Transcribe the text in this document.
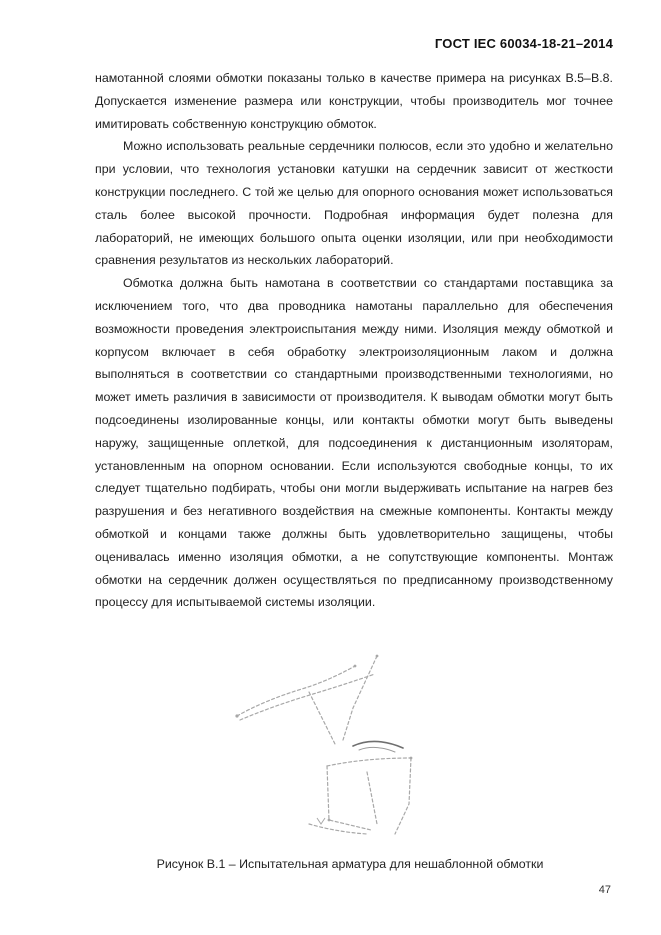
ГОСТ IEC 60034-18-21–2014

намотанной слоями обмотки показаны только в качестве примера на рисунках В.5–В.8. Допускается изменение размера или конструкции, чтобы производитель мог точнее имитировать собственную конструкцию обмоток.

Можно использовать реальные сердечники полюсов, если это удобно и желательно при условии, что технология установки катушки на сердечник зависит от жесткости конструкции последнего. С той же целью для опорного основания может использоваться сталь более высокой прочности. Подробная информация будет полезна для лабораторий, не имеющих большого опыта оценки изоляции, или при необходимости сравнения результатов из нескольких лабораторий.

Обмотка должна быть намотана в соответствии со стандартами поставщика за исключением того, что два проводника намотаны параллельно для обеспечения возможности проведения электроиспытания между ними. Изоляция между обмоткой и корпусом включает в себя обработку электроизоляционным лаком и должна выполняться в соответствии со стандартными производственными технологиями, но может иметь различия в зависимости от производителя. К выводам обмотки могут быть подсоединены изолированные концы, или контакты обмотки могут быть выведены наружу, защищенные оплеткой, для подсоединения к дистанционным изоляторам, установленным на опорном основании. Если используются свободные концы, то их следует тщательно подбирать, чтобы они могли выдерживать испытание на нагрев без разрушения и без негативного воздействия на смежные компоненты. Контакты между обмоткой и концами также должны быть удовлетворительно защищены, чтобы оценивалась именно изоляция обмотки, а не сопутствующие компоненты. Монтаж обмотки на сердечник должен осуществляться по предписанному производственному процессу для испытываемой системы изоляции.

Рисунок В.1 – Испытательная арматура для нешаблонной обмотки
47
